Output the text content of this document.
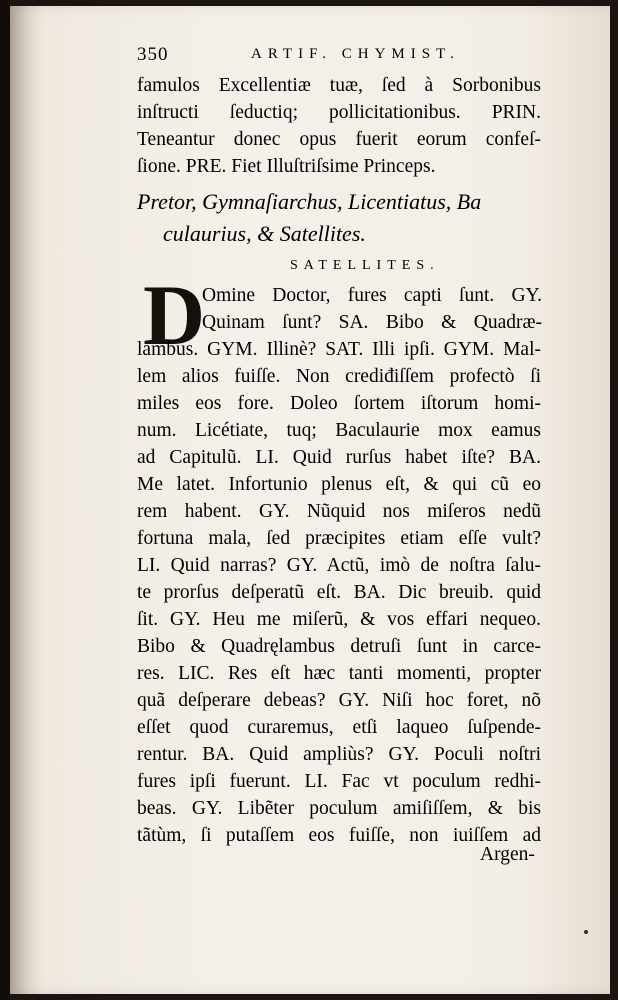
350	ARTIF. CHYMIST.
famulos Excellentiæ tuæ, ſed à Sorbonibus
inſtructi ſeductiq; pollicitationibus. PRIN.
Teneantur donec opus fuerit eorum confeſ-
ſione. PRE. Fiet Illuſtriſsime Princeps.
Pretor, Gymnaſiarchus, Licentiatus, Ba
culaurius, & Satellites.
SATELLITES.
D
Omine Doctor, fures capti ſunt. GY.
Quinam ſunt? SA. Bibo & Quadræ-
lambus. GYM. Illinè? SAT. Illi ipſi. GYM. Mal-
lem alios fuiſſe. Non crediđiſſem profectò ſi
miles eos fore. Doleo ſortem iſtorum homi-
num. Licétiate, tuq; Baculaurie mox eamus
ad Capitulũ. LI. Quid rurſus habet iſte? BA.
Me latet. Infortunio plenus eſt, & qui cũ eo
rem habent. GY. Nũquid nos miſeros nedũ
fortuna mala, ſed præcipites etiam eſſe vult?
LI. Quid narras? GY. Actũ, imò de noſtra ſalu-
te prorſus deſperatũ eſt. BA. Dic breuib. quid
ſit. GY. Heu me miſerũ, & vos effari nequeo.
Bibo & Quadręlambus detruſi ſunt in carce-
res. LIC. Res eſt hæc tanti momenti, propter
quã deſperare debeas? GY. Niſi hoc foret, nõ
eſſet quod curaremus, etſi laqueo ſuſpende-
rentur. BA. Quid ampliùs? GY. Poculi noſtri
fures ipſi fuerunt. LI. Fac vt poculum redhi-
beas. GY. Libẽter poculum amiſiſſem, & bis
tãtùm, ſi putaſſem eos fuiſſe, non iuiſſem ad
Argen-
